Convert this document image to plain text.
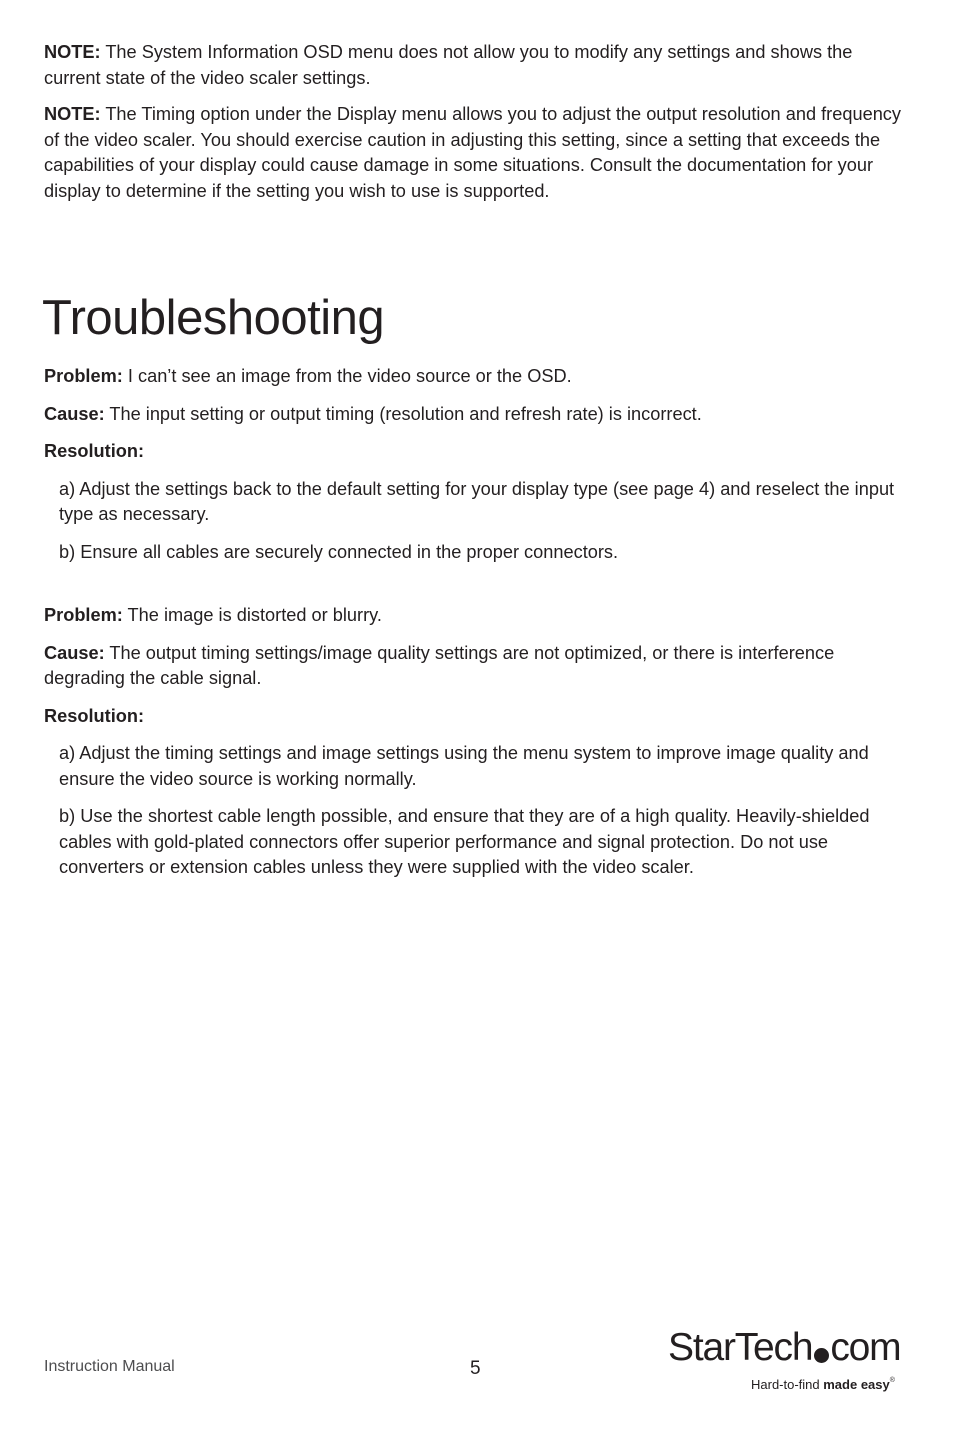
NOTE: The System Information OSD menu does not allow you to modify any settings and shows the current state of the video scaler settings.

NOTE: The Timing option under the Display menu allows you to adjust the output resolution and frequency of the video scaler. You should exercise caution in adjusting this setting, since a setting that exceeds the capabilities of your display could cause damage in some situations. Consult the documentation for your display to determine if the setting you wish to use is supported.

Troubleshooting

Problem: I can’t see an image from the video source or the OSD.

Cause: The input setting or output timing (resolution and refresh rate) is incorrect.

Resolution:

a) Adjust the settings back to the default setting for your display type (see page 4) and reselect the input type as necessary.

b) Ensure all cables are securely connected in the proper connectors.

Problem: The image is distorted or blurry.

Cause: The output timing settings/image quality settings are not optimized, or there is interference degrading the cable signal.

Resolution:

a) Adjust the timing settings and image settings using the menu system to improve image quality and ensure the video source is working normally.

b) Use the shortest cable length possible, and ensure that they are of a high quality. Heavily-shielded cables with gold-plated connectors offer superior performance and signal protection. Do not use converters or extension cables unless they were supplied with the video scaler.

Instruction Manual	5	StarTech com
Hard-to-find made easy®
